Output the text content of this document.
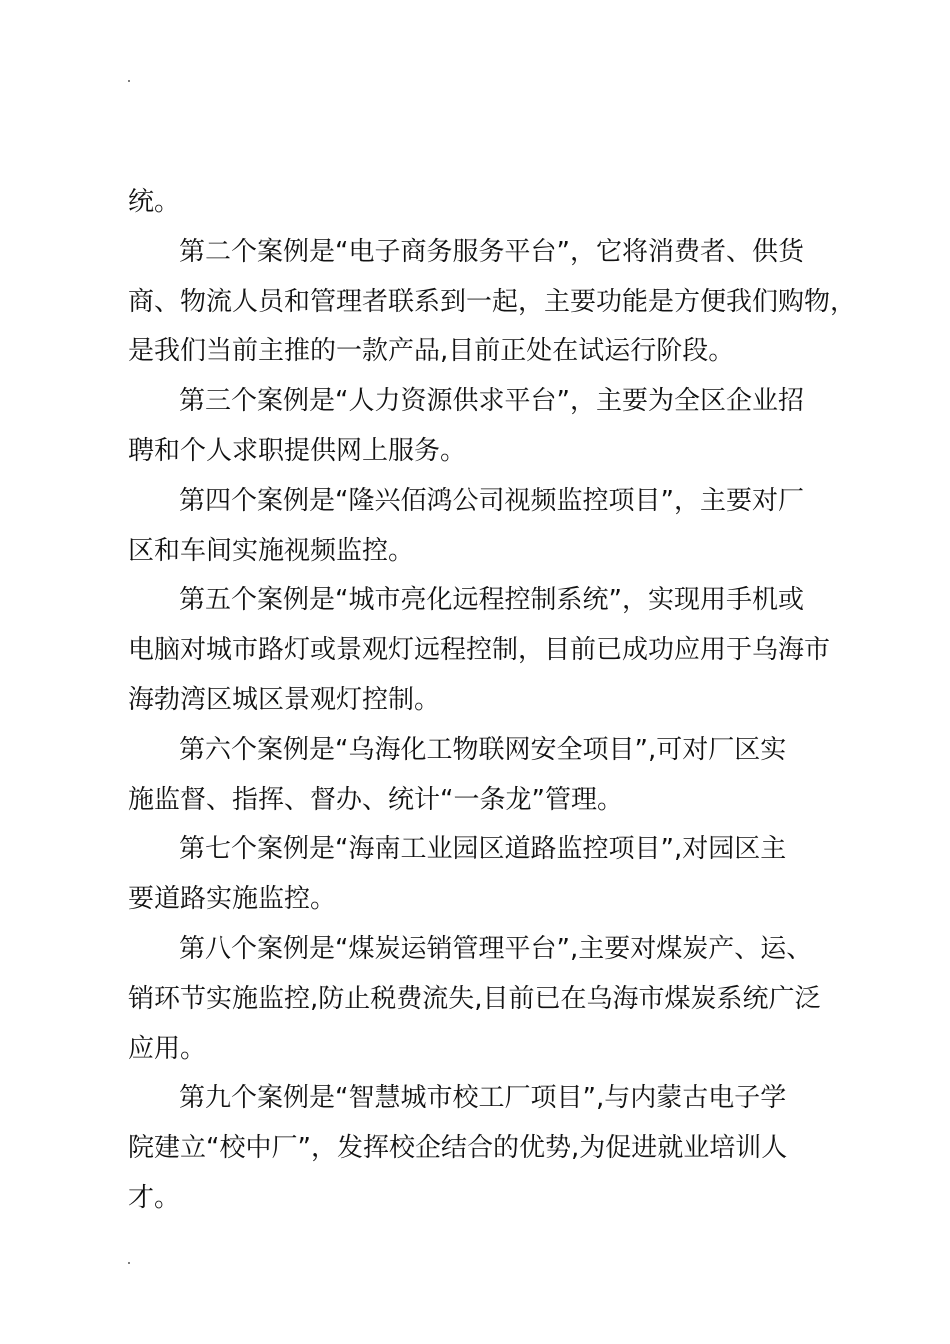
统。
第二个案例是“电子商务服务平台”，它将消费者、供货
商、物流人员和管理者联系到一起，主要功能是方便我们购物，
是我们当前主推的一款产品,目前正处在试运行阶段。
第三个案例是“人力资源供求平台”，主要为全区企业招
聘和个人求职提供网上服务。
第四个案例是“隆兴佰鸿公司视频监控项目”，主要对厂
区和车间实施视频监控。
第五个案例是“城市亮化远程控制系统”，实现用手机或
电脑对城市路灯或景观灯远程控制，目前已成功应用于乌海市
海勃湾区城区景观灯控制。
第六个案例是“乌海化工物联网安全项目”,可对厂区实
施监督、指挥、督办、统计“一条龙”管理。
第七个案例是“海南工业园区道路监控项目”,对园区主
要道路实施监控。
第八个案例是“煤炭运销管理平台”,主要对煤炭产、运、
销环节实施监控,防止税费流失,目前已在乌海市煤炭系统广泛
应用。
第九个案例是“智慧城市校工厂项目”,与内蒙古电子学
院建立“校中厂”，发挥校企结合的优势,为促进就业培训人
才。
